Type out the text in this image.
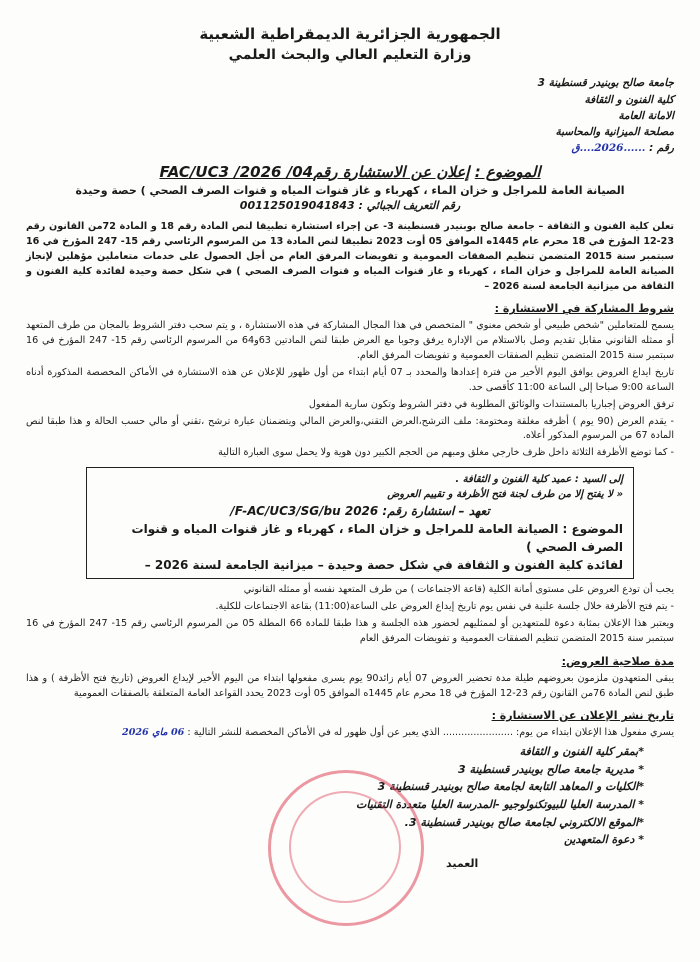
الجمهورية الجزائرية الديمقراطية الشعبية

وزارة التعليم العالي والبحث العلمي

جامعة صالح بوبنيدر قسنطينة 3
كلية الفنون و الثقافة
الامانة العامة
مصلحة الميزانية والمحاسبة
رقم : ......2026....ق

الموضوع : إعلان عن الاستشارة رقم04/ 2026/ FAC/UC3

الصيانة العامة للمراجل و خزان الماء ، كهرباء و غاز قنوات المياه و قنوات الصرف الصحي ) حصة وحيدة

رقم التعريف الجبائي : 001125019041843

تعلن كلية الفنون و الثقافة – جامعة صالح بوبنيدر قسنطينة 3- عن إجراء استشارة تطبيقا لنص المادة رقم 18 و المادة 72من القانون رقم 23-12 المؤرخ في 18 محرم عام 1445ه الموافق 05 أوت 2023 تطبيقا لنص المادة 13 من المرسوم الرئاسي رقم 15- 247 المؤرخ في 16 سبتمبر سنة 2015 المتضمن تنظيم الصفقات العمومية و تفويضات المرفق العام من أجل الحصول على خدمات متعاملين مؤهلين لإنجاز الصيانة العامة للمراجل و خزان الماء ، كهرباء و غاز قنوات المياه و قنوات الصرف الصحي ) في شكل حصة وحيدة لفائدة كلية الفنون و الثقافة من ميزانية الجامعة لسنة 2026 –

شروط المشاركة في الاستشارة :

يسمح للمتعاملين "شخص طبيعي أو شخص معنوي " المتخصص في هذا المجال المشاركة في هذه الاستشارة ، و يتم سحب دفتر الشروط بالمجان من طرف المتعهد أو ممثله القانوني مقابل تقديم وصل بالاستلام من الإدارة يرفق وجوبا مع العرض طبقا لنص المادتين 63و64 من المرسوم الرئاسي رقم 15- 247 المؤرخ في 16 سبتمبر سنة 2015 المتضمن تنظيم الصفقات العمومية و تفويضات المرفق العام.

تاريخ ايداع العروض يوافق اليوم الأخير من فترة إعدادها والمحدد بـ 07 أيام ابتداء من أول ظهور للإعلان عن هذه الاستشارة في الأماكن المخصصة المذكورة أدناه الساعة 9:00 صباحا إلى الساعة 11:00 كأقصى حد.

ترفق العروض إجباريا بالمستندات والوثائق المطلوبة في دفتر الشروط وتكون سارية المفعول

- يقدم العرض (90 يوم ) أظرفه مغلقة ومختومة: ملف الترشح،العرض التقني،والعرض المالي ويتضمنان عبارة ترشح ،تقني أو مالي حسب الحالة و هذا طبقا لنص المادة 67 من المرسوم المذكور أعلاه.

- كما توضع الأظرفة الثلاثة داخل ظرف خارجي مغلق ومبهم من الحجم الكبير دون هوية ولا يحمل سوى العبارة التالية

إلى السيد : عميد كلية الفنون و الثقافة .

« لا يفتح إلا من طرف لجنة فتح الأظرفة و تقييم العروض

تعهد – استشارة رقم: F-AC/UC3/SG/bu 2026/

الموضوع : الصيانة العامة للمراجل و خزان الماء ، كهرباء و غاز قنوات المياه و قنوات الصرف الصحي )

لفائدة كلية الفنون و الثقافة في شكل حصة وحيدة – ميزانية الجامعة لسنة 2026 –

يجب أن تودع العروض على مستوى أمانة الكلية (قاعة الاجتماعات ) من طرف المتعهد نفسه أو ممثله القانوني

- يتم فتح الأظرفة خلال جلسة علنية في نفس يوم تاريخ إيداع العروض على الساعة(11:00) بقاعة الاجتماعات للكلية.

ويعتبر هذا الإعلان بمثابة دعوة للمتعهدين أو لممثليهم لحضور هذه الجلسة و هذا طبقا للمادة 66 المطلة 05 من المرسوم الرئاسي رقم 15- 247 المؤرخ في 16 سبتمبر سنة 2015 المتضمن تنظيم الصفقات العمومية و تفويضات المرفق العام

مدة صلاحية العروض:

يبقى المتعهدون ملزمون بعروضهم طيلة مدة تحضير العروض 07 أيام زائد90 يوم يسرى مفعولها ابتداء من اليوم الأخير لإيداع العروض (تاريخ فتح الأظرفة ) و هذا طبق لنص المادة 76من القانون رقم 23-12 المؤرخ في 18 محرم عام 1445ه الموافق 05 أوت 2023 يحدد القواعد العامة المتعلقة بالصفقات العمومية

تاريخ نشر الإعلان عن الاستشارة :

يسري مفعول هذا الإعلان ابتداء من يوم: ....................... الذي يعبر عن أول ظهور له في الأماكن المخصصة للنشر التالية : 06 ماي 2026

*بمقر كلية الفنون و الثقافة
* مديرية جامعة صالح بوبنيدر قسنطينة 3
*الكليات و المعاهد التابعة لجامعة صالح بوبنيدر قسنطينة 3
* المدرسة العليا للبيوتكنولوجيو -المدرسة العليا متعددة التقنيات
*الموقع الالكتروني لجامعة صالح بوبنيدر قسنطينة 3.
* دعوة المتعهدين
العميد
